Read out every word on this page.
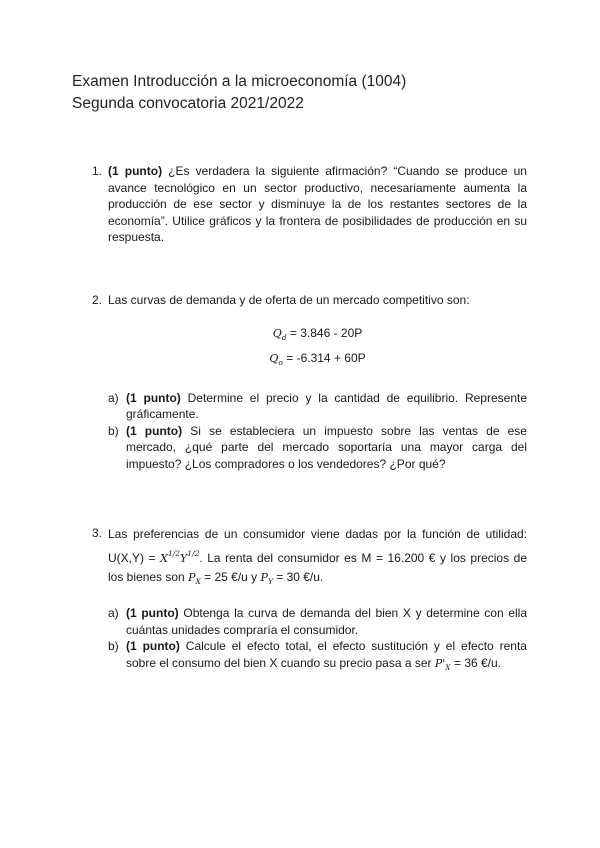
Examen Introducción a la microeconomía (1004)
Segunda convocatoria 2021/2022
1. (1 punto) ¿Es verdadera la siguiente afirmación? “Cuando se produce un avance tecnológico en un sector productivo, necesariamente aumenta la producción de ese sector y disminuye la de los restantes sectores de la economía”. Utilice gráficos y la frontera de posibilidades de producción en su respuesta.
2. Las curvas de demanda y de oferta de un mercado competitivo son:
$Q_d = 3.846 - 20P$
$Q_o = -6.314 + 60P$
a) (1 punto) Determine el precio y la cantidad de equilibrio. Represente gráficamente.
b) (1 punto) Si se estableciera un impuesto sobre las ventas de ese mercado, ¿qué parte del mercado soportaría una mayor carga del impuesto? ¿Los compradores o los vendedores? ¿Por qué?
3. Las preferencias de un consumidor viene dadas por la función de utilidad: $U(X,Y) = X^{1/2}Y^{1/2}$. La renta del consumidor es M = 16.200 € y los precios de los bienes son $P_X = 25$ €/u y $P_Y = 30$ €/u.
a) (1 punto) Obtenga la curva de demanda del bien X y determine con ella cuántas unidades compraría el consumidor.
b) (1 punto) Calcule el efecto total, el efecto sustitución y el efecto renta sobre el consumo del bien X cuando su precio pasa a ser $P'_X = 36$ €/u.
